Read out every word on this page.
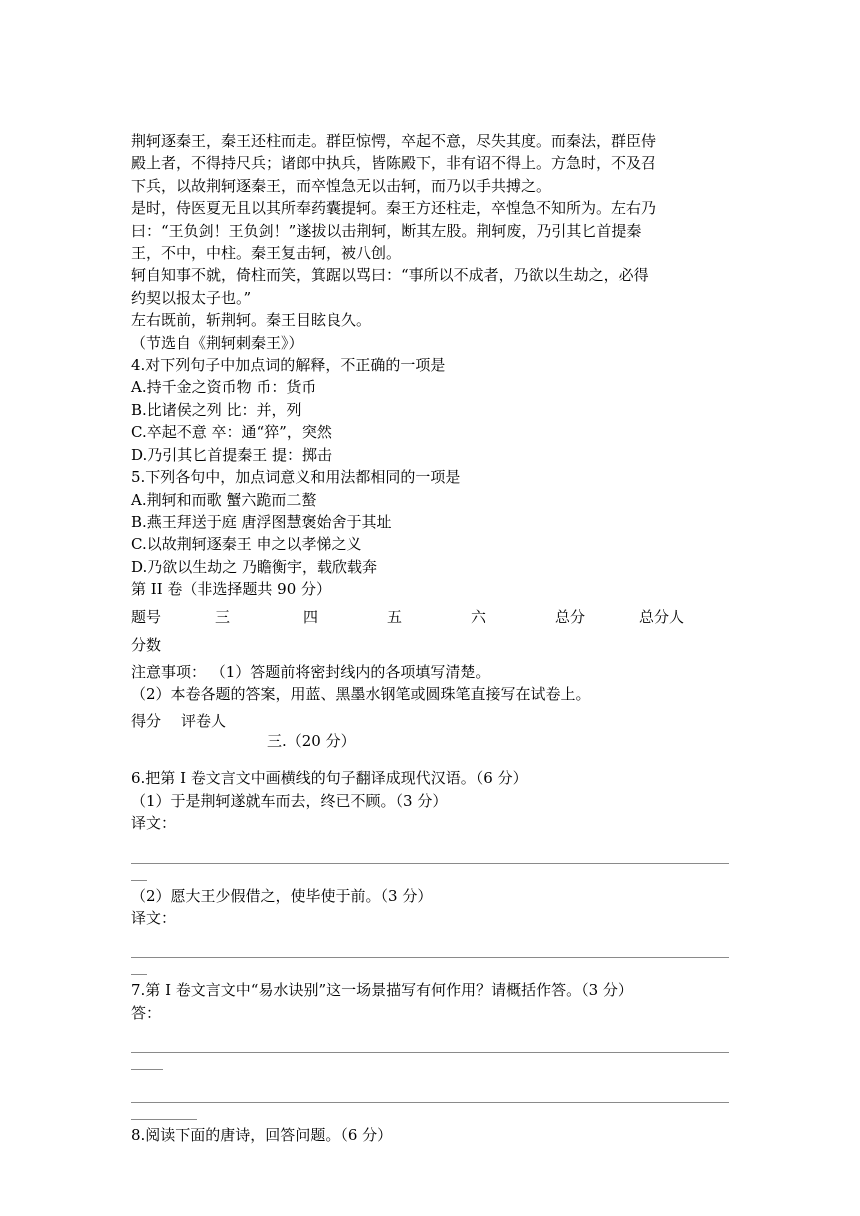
荆轲逐秦王，秦王还柱而走。群臣惊愕，卒起不意，尽失其度。而秦法，群臣侍

殿上者，不得持尺兵；诸郎中执兵，皆陈殿下，非有诏不得上。方急时，不及召

下兵，以故荆轲逐秦王，而卒惶急无以击轲，而乃以手共搏之。

是时，侍医夏无且以其所奉药囊提轲。秦王方还柱走，卒惶急不知所为。左右乃

曰：“王负剑！王负剑！”遂拔以击荆轲，断其左股。荆轲废，乃引其匕首提秦

王，不中，中柱。秦王复击轲，被八创。

轲自知事不就，倚柱而笑，箕踞以骂曰：“事所以不成者，乃欲以生劫之，必得

约契以报太子也。”

左右既前，斩荆轲。秦王目眩良久。

（节选自《荆轲刺秦王》）

4.对下列句子中加点词的解释，不正确的一项是

A.持千金之资币物 币：货币

B.比诸侯之列 比：并，列

C.卒起不意 卒：通“猝”，突然

D.乃引其匕首提秦王 提：掷击

5.下列各句中，加点词意义和用法都相同的一项是

A.荆轲和而歌 蟹六跪而二螯

B.燕王拜送于庭 唐浮图慧褒始舍于其址

C.以故荆轲逐秦王 申之以孝悌之义

D.乃欲以生劫之 乃瞻衡宇，载欣载奔

第 II 卷（非选择题共 90 分）

题号	三	四	五	六	总分	总分人
分数

注意事项： （1）答题前将密封线内的各项填写清楚。

（2）本卷各题的答案，用蓝、黑墨水钢笔或圆珠笔直接写在试卷上。

得分	评卷人
三.（20 分）

6.把第 I 卷文言文中画横线的句子翻译成现代汉语。（6 分）

（1）于是荆轲遂就车而去，终已不顾。（3 分）

译文：

（2）愿大王少假借之，使毕使于前。（3 分）

译文：

7.第 I 卷文言文中“易水诀别”这一场景描写有何作用？请概括作答。（3 分）

答：

8.阅读下面的唐诗，回答问题。（6 分）
